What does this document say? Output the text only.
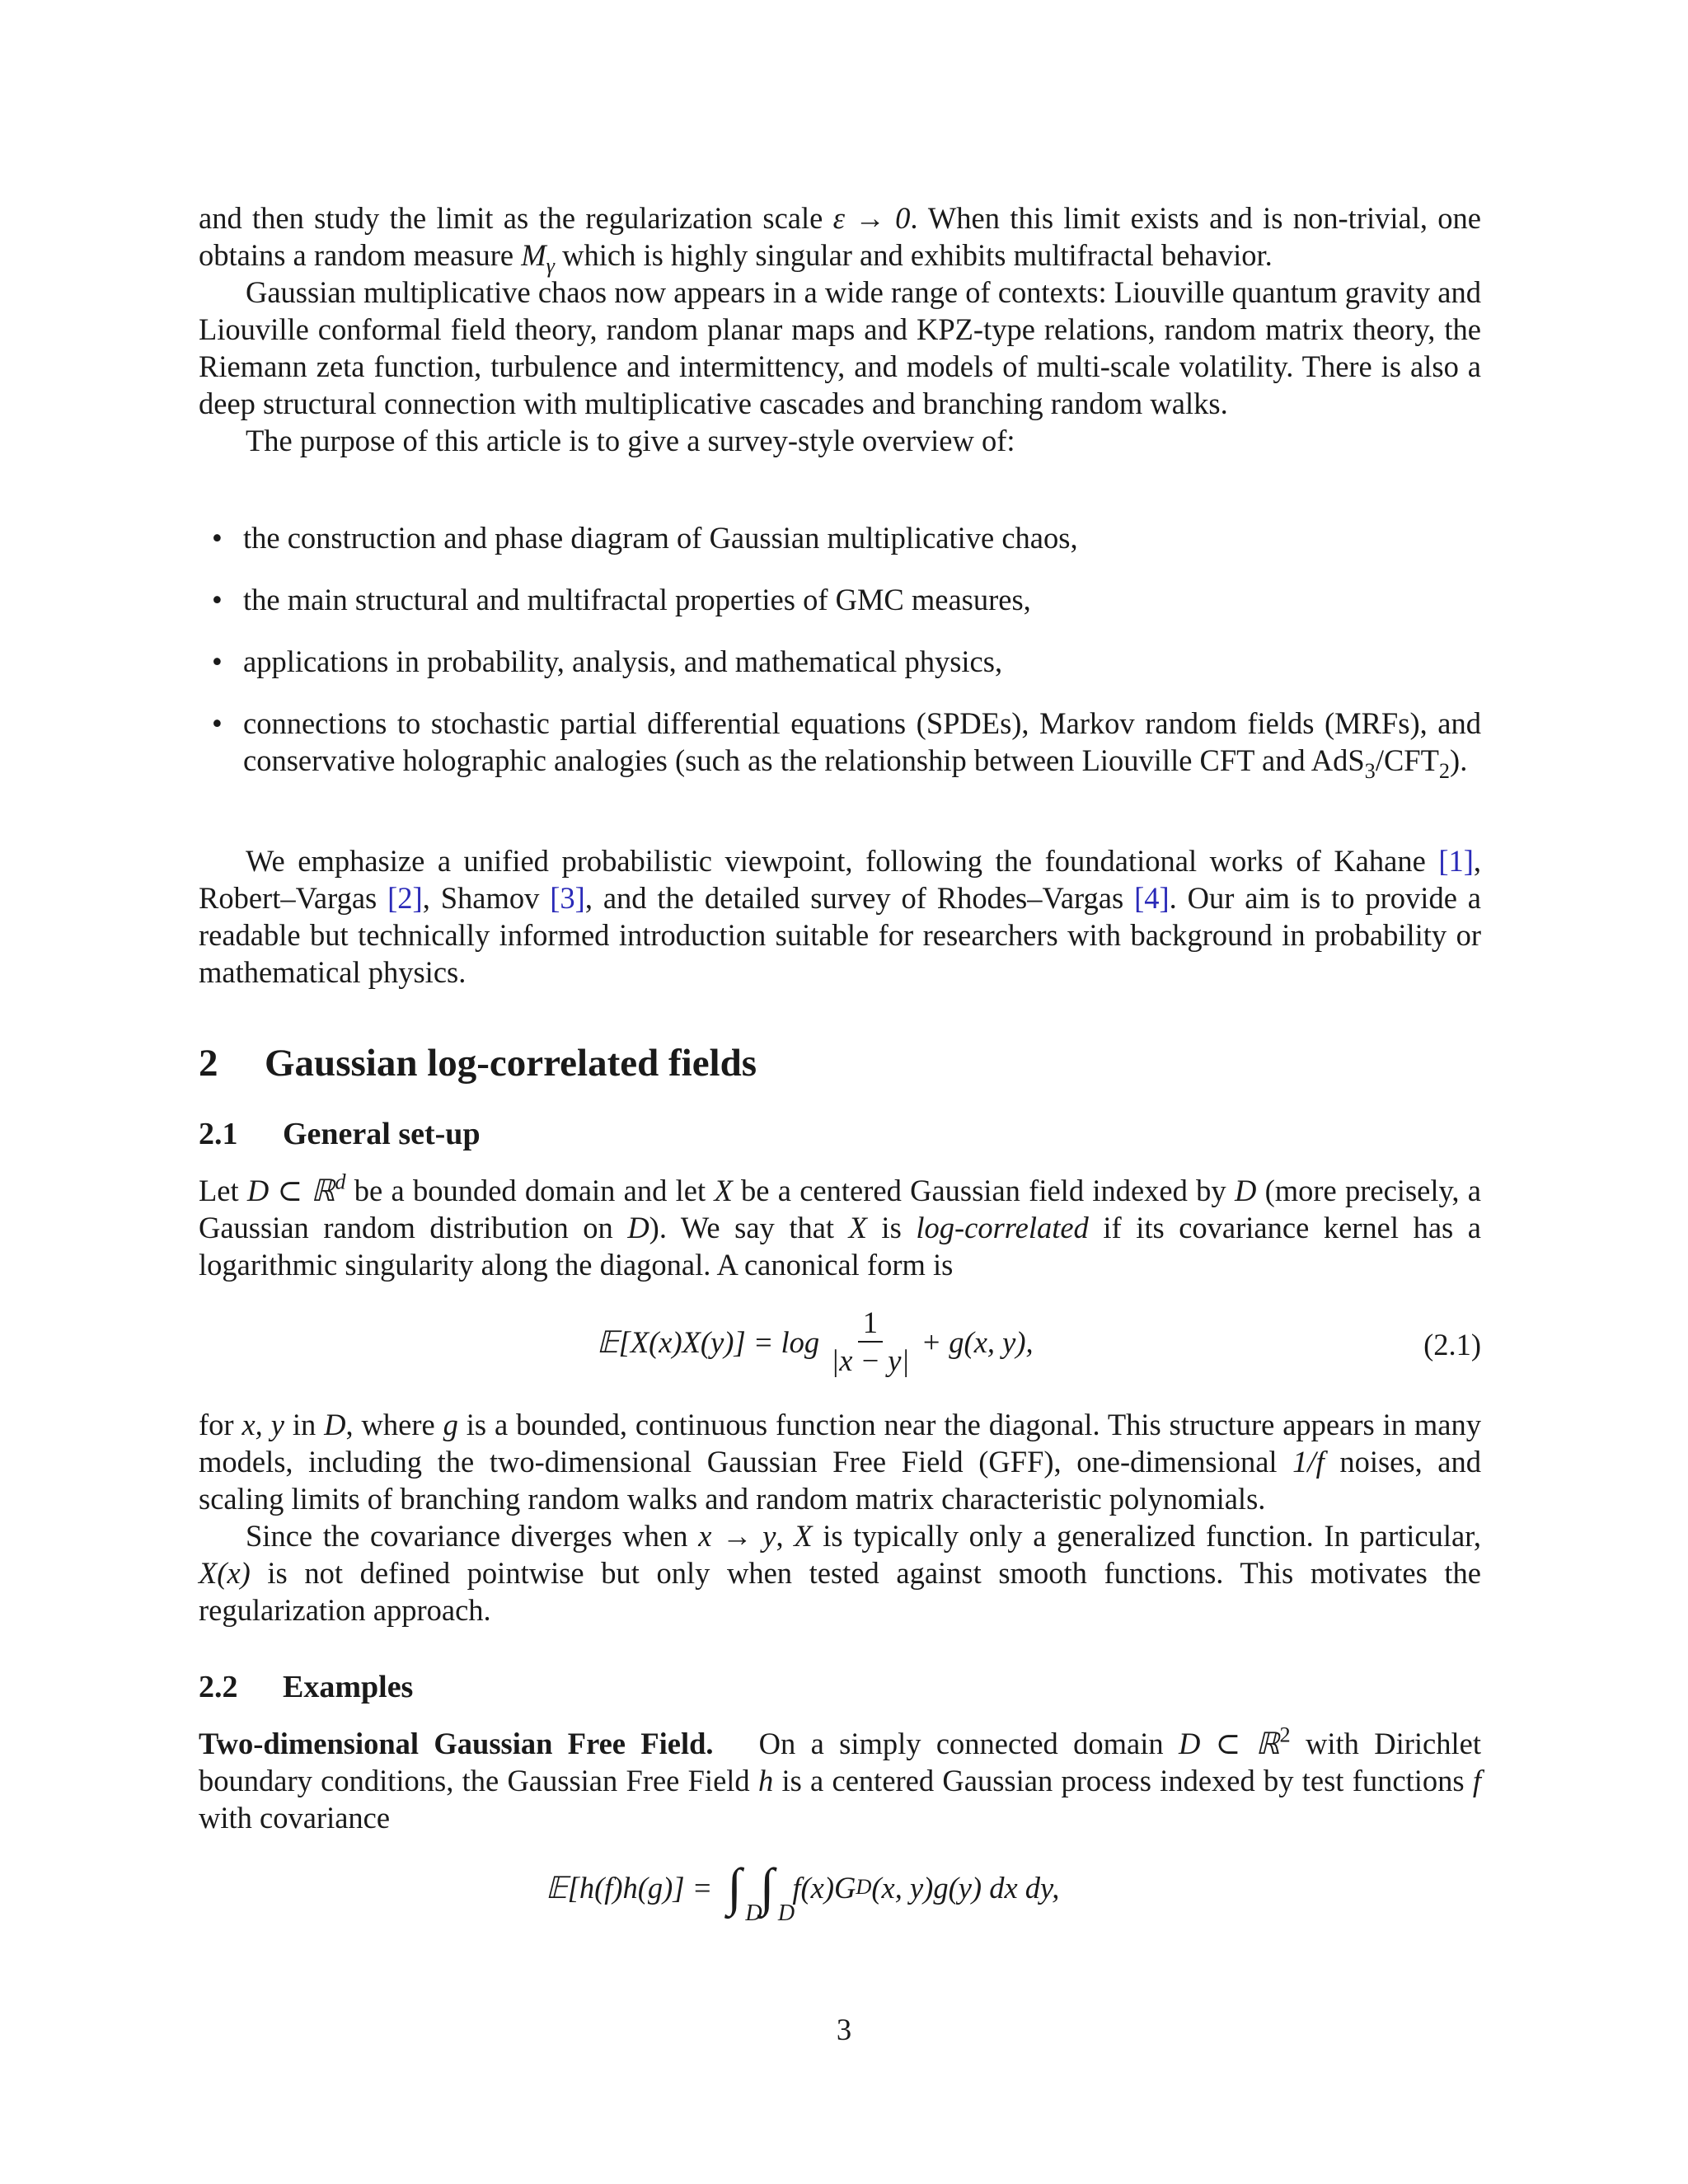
and then study the limit as the regularization scale ε → 0. When this limit exists and is non-trivial, one obtains a random measure $M_\gamma$ which is highly singular and exhibits multifractal behavior.

Gaussian multiplicative chaos now appears in a wide range of contexts: Liouville quantum gravity and Liouville conformal field theory, random planar maps and KPZ-type relations, random matrix theory, the Riemann zeta function, turbulence and intermittency, and models of multi-scale volatility. There is also a deep structural connection with multiplicative cascades and branching random walks.

The purpose of this article is to give a survey-style overview of:

• the construction and phase diagram of Gaussian multiplicative chaos,
• the main structural and multifractal properties of GMC measures,
• applications in probability, analysis, and mathematical physics,
• connections to stochastic partial differential equations (SPDEs), Markov random fields (MRFs), and conservative holographic analogies (such as the relationship between Liouville CFT and $AdS_3/CFT_2$).

We emphasize a unified probabilistic viewpoint, following the foundational works of Kahane [1], Robert–Vargas [2], Shamov [3], and the detailed survey of Rhodes–Vargas [4]. Our aim is to provide a readable but technically informed introduction suitable for researchers with background in probability or mathematical physics.

2 Gaussian log-correlated fields
2.1 General set-up

Let D ⊂ ℝ$^d$ be a bounded domain and let X be a centered Gaussian field indexed by D (more precisely, a Gaussian random distribution on D). We say that X is log-correlated if its covariance kernel has a logarithmic singularity along the diagonal. A canonical form is

𝔼[X(x)X(y)] = $\log \frac{1}{|x - y|} + g(x$, y),	(2.1)

for x, y in D, where g is a bounded, continuous function near the diagonal. This structure appears in many models, including the two-dimensional Gaussian Free Field (GFF), one-dimensional 1/f noises, and scaling limits of branching random walks and random matrix characteristic polynomials.

Since the covariance diverges when x → y, X is typically only a generalized function. In particular, X(x) is not defined pointwise but only when tested against smooth functions. This motivates the regularization approach.

2.2 Examples

Two-dimensional Gaussian Free Field. On a simply connected domain D ⊂ ℝ$^2$ with Dirichlet boundary conditions, the Gaussian Free Field h is a centered Gaussian process indexed by test functions f with covariance

𝔼[h(f)h(g)] = ∫ D
∫ D
f(x)G D (x, y)g(y) dx dy,
3
